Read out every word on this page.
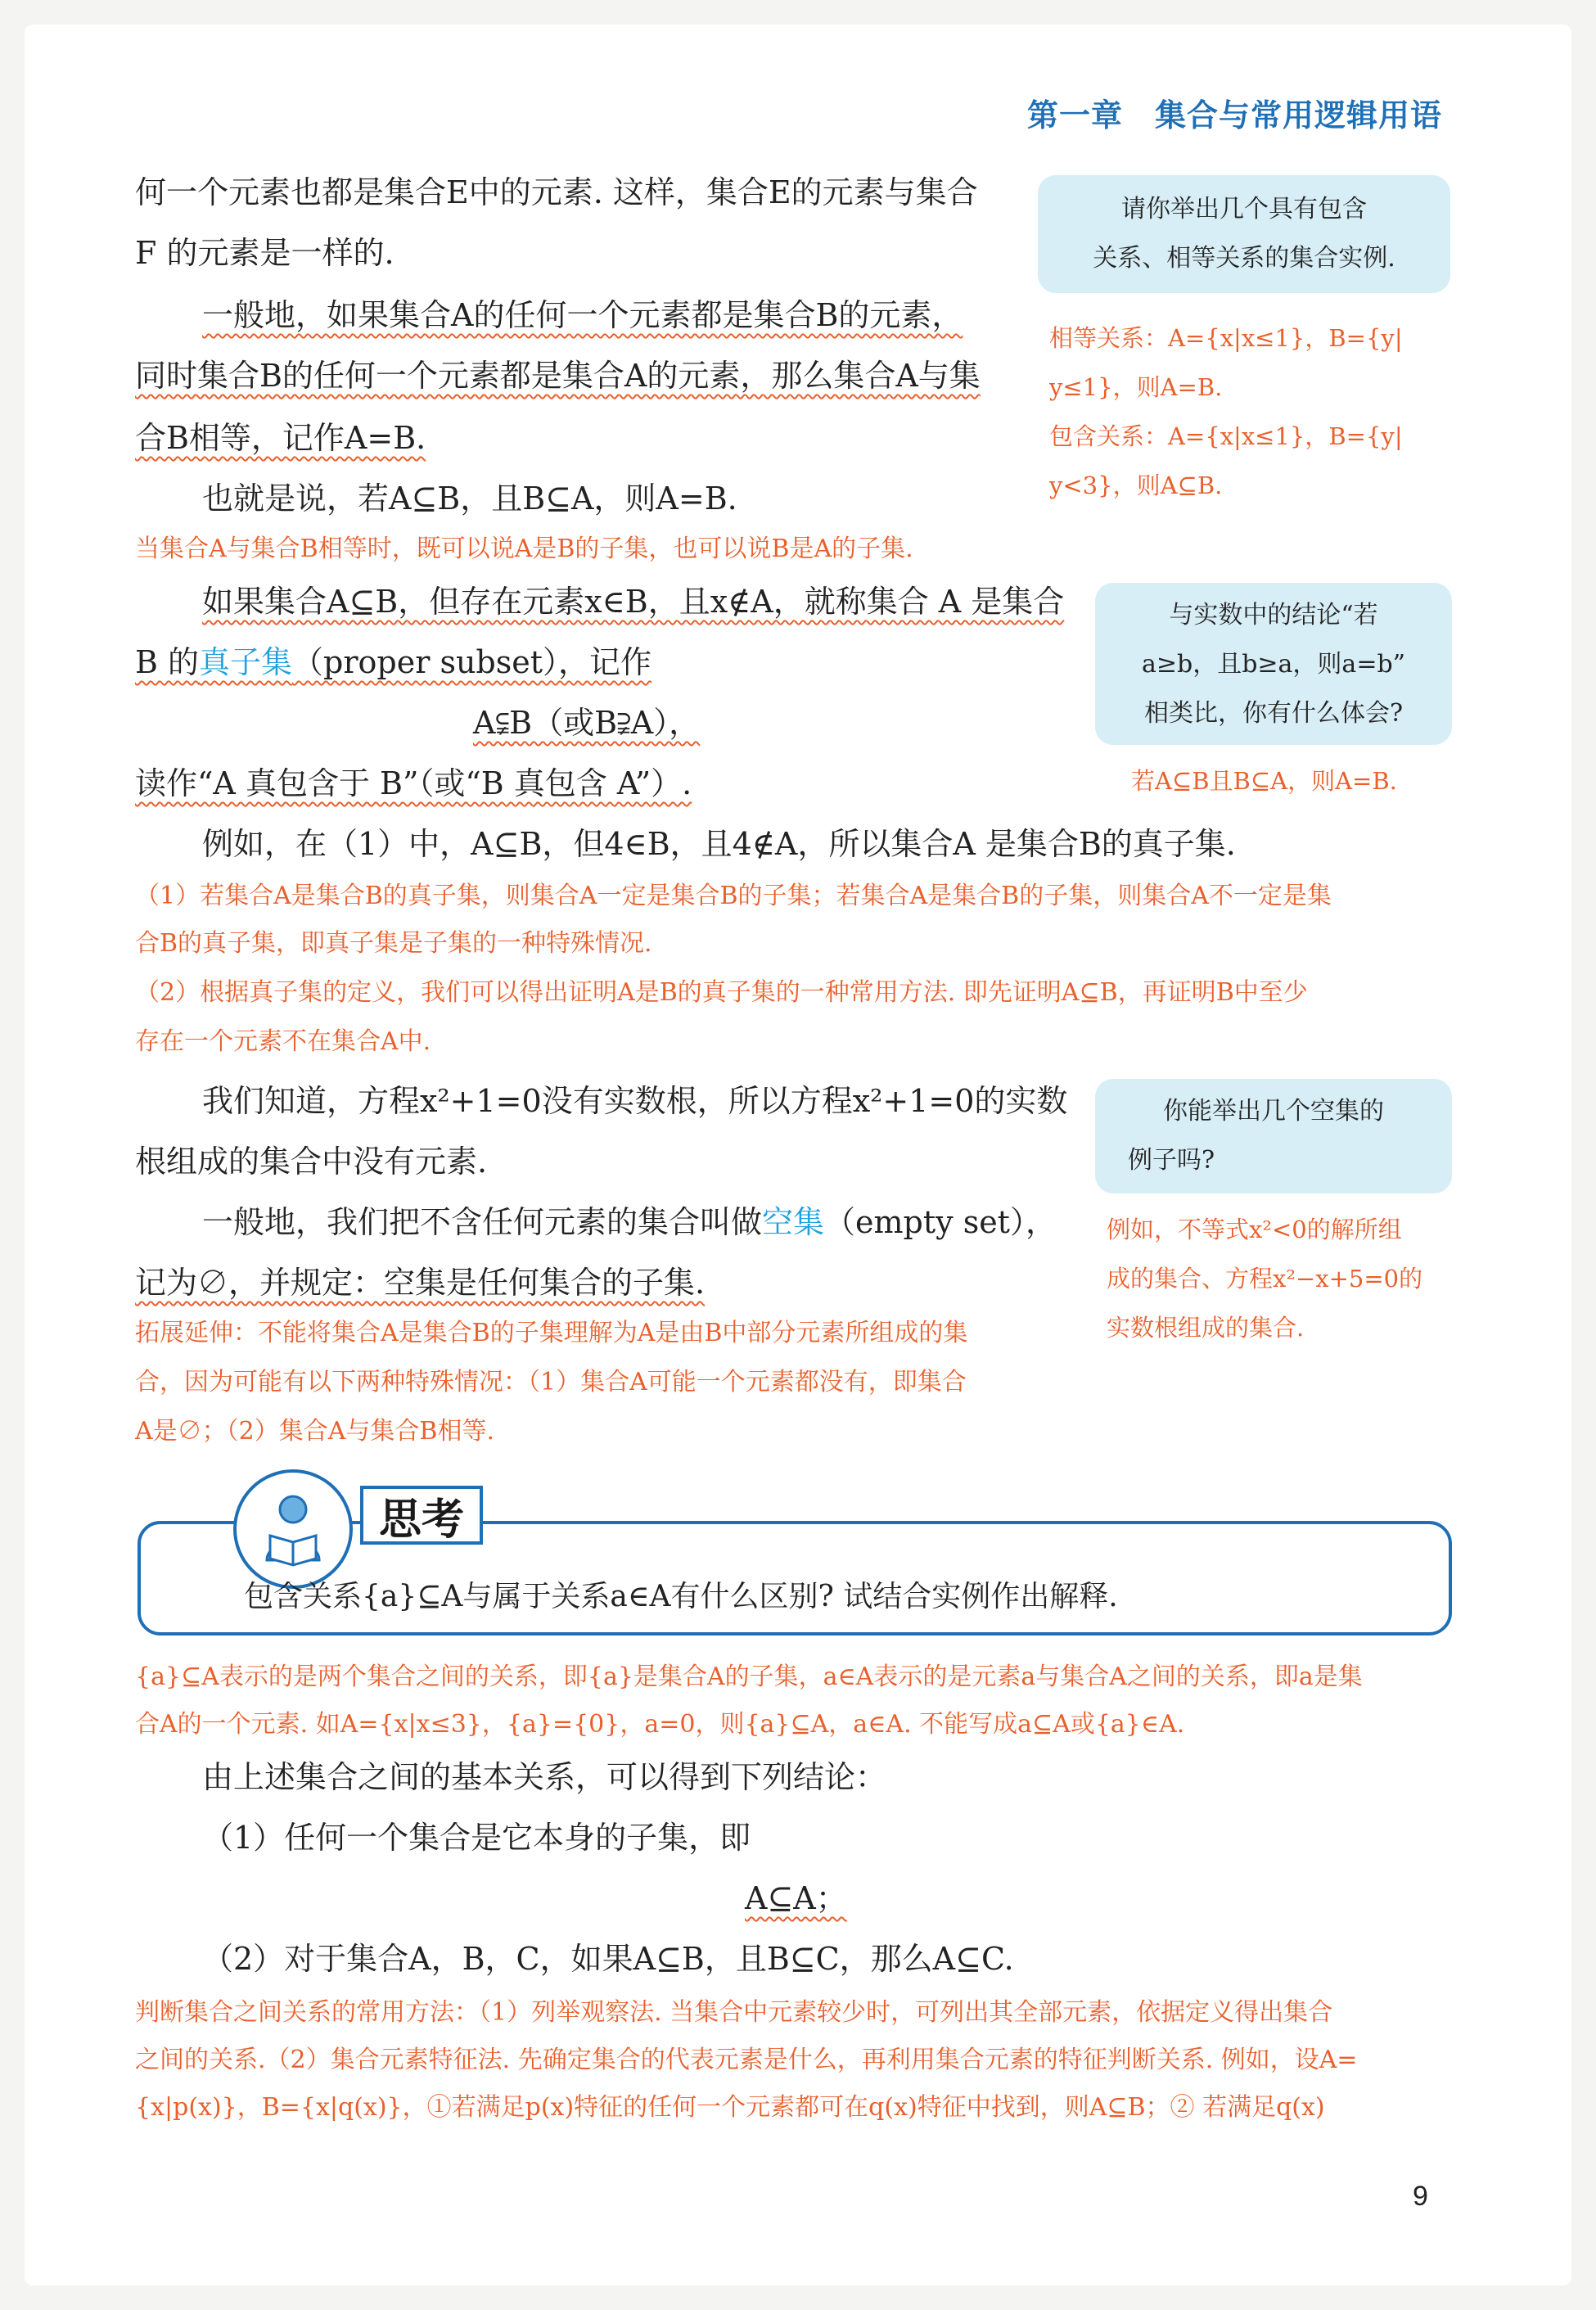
第一章　集合与常用逻辑用语
何一个元素也都是集合E中的元素. 这样，集合E的元素与集合
F 的元素是一样的.
一般地，如果集合A的任何一个元素都是集合B的元素，
同时集合B的任何一个元素都是集合A的元素，那么集合A与集
合B相等，记作A=B.
也就是说，若A⊆B，且B⊆A，则A=B.
当集合A与集合B相等时，既可以说A是B的子集，也可以说B是A的子集.
如果集合A⊆B，但存在元素x∈B，且x∉A，就称集合 A 是集合
B 的真子集（proper subset），记作
A⫋B（或B⫌A），
读作“A 真包含于 B”（或“B 真包含 A”）.
例如，在（1）中，A⊆B，但4∈B，且4∉A，所以集合A 是集合B的真子集.
（1）若集合A是集合B的真子集，则集合A一定是集合B的子集；若集合A是集合B的子集，则集合A不一定是集
合B的真子集，即真子集是子集的一种特殊情况.
（2）根据真子集的定义，我们可以得出证明A是B的真子集的一种常用方法. 即先证明A⊆B，再证明B中至少
存在一个元素不在集合A中.
我们知道，方程x²+1=0没有实数根，所以方程x²+1=0的实数
根组成的集合中没有元素.
一般地，我们把不含任何元素的集合叫做空集（empty set），
记为∅，并规定：空集是任何集合的子集.
拓展延伸：不能将集合A是集合B的子集理解为A是由B中部分元素所组成的集
合，因为可能有以下两种特殊情况：（1）集合A可能一个元素都没有，即集合
A是∅；（2）集合A与集合B相等.
思考
包含关系{a}⊆A与属于关系a∈A有什么区别? 试结合实例作出解释.
{a}⊆A表示的是两个集合之间的关系，即{a}是集合A的子集，a∈A表示的是元素a与集合A之间的关系，即a是集
合A的一个元素. 如A={x|x≤3}，{a}={0}，a=0，则{a}⊆A，a∈A. 不能写成a⊆A或{a}∈A.
由上述集合之间的基本关系，可以得到下列结论：
（1）任何一个集合是它本身的子集，即
A⊆A；
（2）对于集合A，B，C，如果A⊆B，且B⊆C，那么A⊆C.
判断集合之间关系的常用方法：（1）列举观察法. 当集合中元素较少时，可列出其全部元素，依据定义得出集合
之间的关系.（2）集合元素特征法. 先确定集合的代表元素是什么，再利用集合元素的特征判断关系. 例如，设A=
{x|p(x)}，B={x|q(x)}，①若满足p(x)特征的任何一个元素都可在q(x)特征中找到，则A⊆B；② 若满足q(x)
请你举出几个具有包含
关系、相等关系的集合实例.
相等关系：A={x|x≤1}，B={y|
y≤1}，则A=B.
包含关系：A={x|x≤1}，B={y|
y<3}，则A⊆B.
与实数中的结论“若
a≥b，且b≥a，则a=b”
相类比，你有什么体会?
若A⊆B且B⊆A，则A=B.
你能举出几个空集的
例子吗?
例如，不等式x²<0的解所组
成的集合、方程x²−x+5=0的
实数根组成的集合.
9
